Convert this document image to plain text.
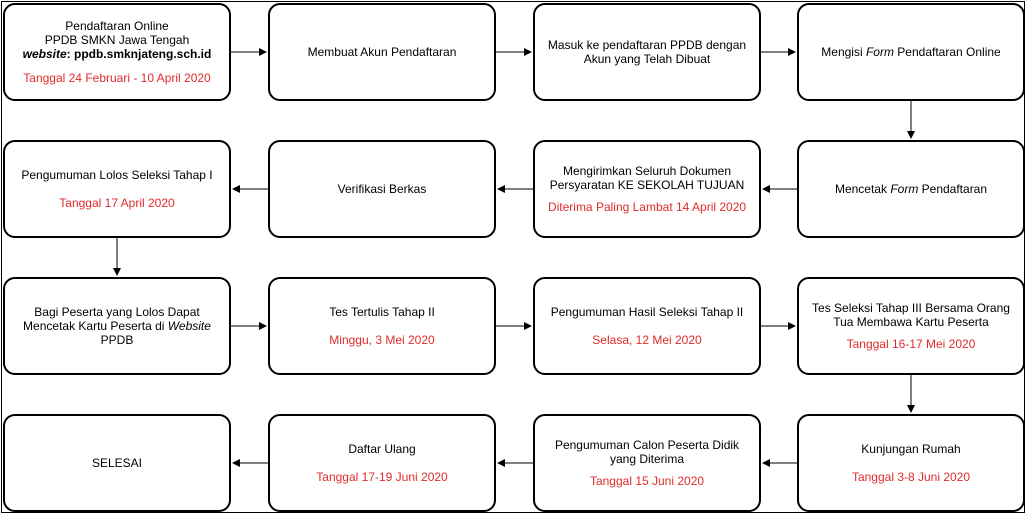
Pendaftaran Online
PPDB SMKN Jawa Tengah
website: ppdb.smknjateng.sch.id
Tanggal 24 Februari - 10 April 2020
Membuat Akun Pendaftaran	Masuk ke pendaftaran PPDB dengan
Akun yang Telah Dibuat	Mengisi Form Pendaftaran Online
Pengumuman Lolos Seleksi Tahap I
Tanggal 17 April 2020
Verifikasi Berkas
Mengirimkan Seluruh Dokumen
Persyaratan KE SEKOLAH TUJUAN
Diterima Paling Lambat 14 April 2020
Mencetak Form Pendaftaran
Bagi Peserta yang Lolos Dapat
Mencetak Kartu Peserta di Website
PPDB
Tes Tertulis Tahap II
Minggu, 3 Mei 2020
Pengumuman Hasil Seleksi Tahap II
Selasa, 12 Mei 2020
Tes Seleksi Tahap III Bersama Orang
Tua Membawa Kartu Peserta
Tanggal 16-17 Mei 2020
SELESAI
Daftar Ulang
Tanggal 17-19 Juni 2020
Pengumuman Calon Peserta Didik
yang Diterima
Tanggal 15 Juni 2020
Kunjungan Rumah
Tanggal 3-8 Juni 2020
